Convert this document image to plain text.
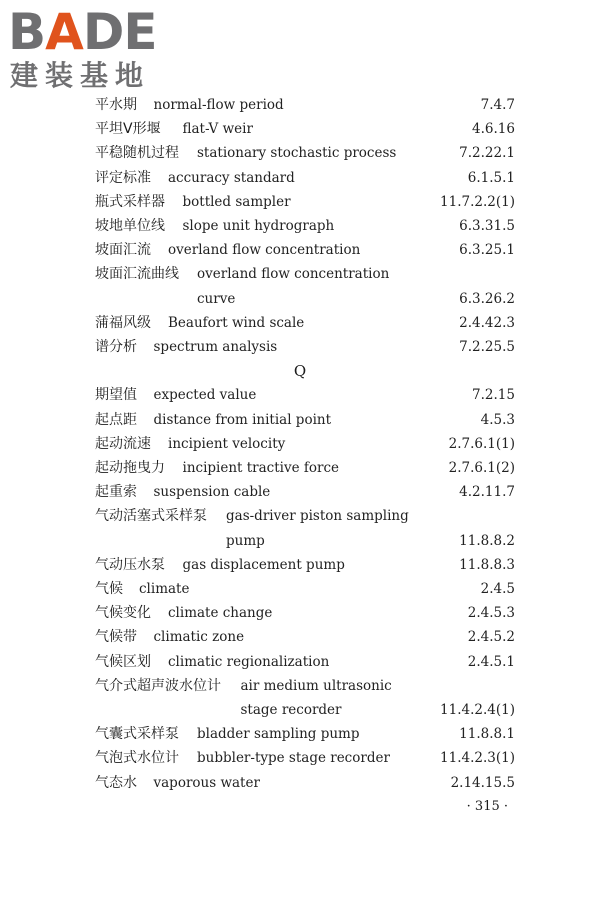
BADE
建装基地
平水期 normal-flow period	7.4.7
平坦V形堰 flat-V weir	4.6.16
平稳随机过程 stationary stochastic process	7.2.22.1
评定标准 accuracy standard	6.1.5.1
瓶式采样器 bottled sampler	11.7.2.2(1)
坡地单位线 slope unit hydrograph	6.3.31.5
坡面汇流 overland flow concentration	6.3.25.1
坡面汇流曲线 overland flow concentration
curve	6.3.26.2
蒲福风级 Beaufort wind scale	2.4.42.3
谱分析 spectrum analysis	7.2.25.5
Q
期望值 expected value	7.2.15
起点距 distance from initial point	4.5.3
起动流速 incipient velocity	2.7.6.1(1)
起动拖曳力 incipient tractive force	2.7.6.1(2)
起重索 suspension cable	4.2.11.7
气动活塞式采样泵 gas-driver piston sampling
pump	11.8.8.2
气动压水泵 gas displacement pump	11.8.8.3
气候 climate	2.4.5
气候变化 climate change	2.4.5.3
气候带 climatic zone	2.4.5.2
气候区划 climatic regionalization	2.4.5.1
气介式超声波水位计 air medium ultrasonic
stage recorder	11.4.2.4(1)
气囊式采样泵 bladder sampling pump	11.8.8.1
气泡式水位计 bubbler-type stage recorder	11.4.2.3(1)
气态水 vaporous water	2.14.15.5
· 315 ·
